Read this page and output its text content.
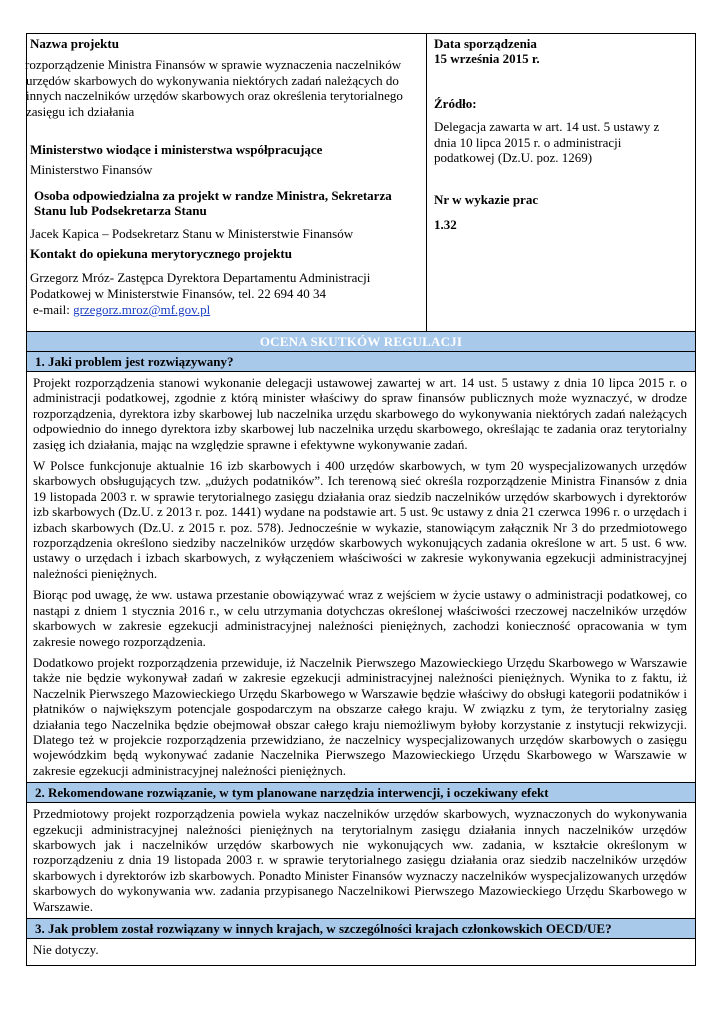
Nazwa projektu
rozporządzenie Ministra Finansów w sprawie wyznaczenia naczelników urzędów skarbowych do wykonywania niektórych zadań należących do innych naczelników urzędów skarbowych oraz określenia terytorialnego zasięgu ich działania
Ministerstwo wiodące i ministerstwa współpracujące
Ministerstwo Finansów
Osoba odpowiedzialna za projekt w randze Ministra, Sekretarza Stanu lub Podsekretarza Stanu
Jacek Kapica – Podsekretarz Stanu w Ministerstwie Finansów
Kontakt do opiekuna merytorycznego projektu
Grzegorz Mróz- Zastępca Dyrektora Departamentu Administracji Podatkowej w Ministerstwie Finansów, tel. 22 694 40 34
e-mail: grzegorz.mroz@mf.gov.pl

Data sporządzenia
15 września 2015 r.
Źródło:
Delegacja zawarta w art. 14 ust. 5 ustawy z dnia 10 lipca 2015 r. o administracji podatkowej (Dz.U. poz. 1269)
Nr w wykazie prac
1.32

OCENA SKUTKÓW REGULACJI

1. Jaki problem jest rozwiązywany?

Projekt rozporządzenia stanowi wykonanie delegacji ustawowej zawartej w art. 14 ust. 5 ustawy z dnia 10 lipca 2015 r. o administracji podatkowej, zgodnie z którą minister właściwy do spraw finansów publicznych może wyznaczyć, w drodze rozporządzenia, dyrektora izby skarbowej lub naczelnika urzędu skarbowego do wykonywania niektórych zadań należących odpowiednio do innego dyrektora izby skarbowej lub naczelnika urzędu skarbowego, określając te zadania oraz terytorialny zasięg ich działania, mając na względzie sprawne i efektywne wykonywanie zadań.

W Polsce funkcjonuje aktualnie 16 izb skarbowych i 400 urzędów skarbowych, w tym 20 wyspecjalizowanych urzędów skarbowych obsługujących tzw. „dużych podatników”. Ich terenową sieć określa rozporządzenie Ministra Finansów z dnia 19 listopada 2003 r. w sprawie terytorialnego zasięgu działania oraz siedzib naczelników urzędów skarbowych i dyrektorów izb skarbowych (Dz.U. z 2013 r. poz. 1441) wydane na podstawie art. 5 ust. 9c ustawy z dnia 21 czerwca 1996 r. o urzędach i izbach skarbowych (Dz.U. z 2015 r. poz. 578). Jednocześnie w wykazie, stanowiącym załącznik Nr 3 do przedmiotowego rozporządzenia określono siedziby naczelników urzędów skarbowych wykonujących zadania określone w art. 5 ust. 6 ww. ustawy o urzędach i izbach skarbowych, z wyłączeniem właściwości w zakresie wykonywania egzekucji administracyjnej należności pieniężnych.

Biorąc pod uwagę, że ww. ustawa przestanie obowiązywać wraz z wejściem w życie ustawy o administracji podatkowej, co nastąpi z dniem 1 stycznia 2016 r., w celu utrzymania dotychczas określonej właściwości rzeczowej naczelników urzędów skarbowych w zakresie egzekucji administracyjnej należności pieniężnych, zachodzi konieczność opracowania w tym zakresie nowego rozporządzenia.

Dodatkowo projekt rozporządzenia przewiduje, iż Naczelnik Pierwszego Mazowieckiego Urzędu Skarbowego w Warszawie także nie będzie wykonywał zadań w zakresie egzekucji administracyjnej należności pieniężnych. Wynika to z faktu, iż Naczelnik Pierwszego Mazowieckiego Urzędu Skarbowego w Warszawie będzie właściwy do obsługi kategorii podatników i płatników o największym potencjale gospodarczym na obszarze całego kraju. W związku z tym, że terytorialny zasięg działania tego Naczelnika będzie obejmował obszar całego kraju niemożliwym byłoby korzystanie z instytucji rekwizycji. Dlatego też w projekcie rozporządzenia przewidziano, że naczelnicy wyspecjalizowanych urzędów skarbowych o zasięgu wojewódzkim będą wykonywać zadanie Naczelnika Pierwszego Mazowieckiego Urzędu Skarbowego w Warszawie w zakresie egzekucji administracyjnej należności pieniężnych.

2. Rekomendowane rozwiązanie, w tym planowane narzędzia interwencji, i oczekiwany efekt

Przedmiotowy projekt rozporządzenia powiela wykaz naczelników urzędów skarbowych, wyznaczonych do wykonywania egzekucji administracyjnej należności pieniężnych na terytorialnym zasięgu działania innych naczelników urzędów skarbowych jak i naczelników urzędów skarbowych nie wykonujących ww. zadania, w kształcie określonym w rozporządzeniu z dnia 19 listopada 2003 r. w sprawie terytorialnego zasięgu działania oraz siedzib naczelników urzędów skarbowych i dyrektorów izb skarbowych. Ponadto Minister Finansów wyznaczy naczelników wyspecjalizowanych urzędów skarbowych do wykonywania ww. zadania przypisanego Naczelnikowi Pierwszego Mazowieckiego Urzędu Skarbowego w Warszawie.

3. Jak problem został rozwiązany w innych krajach, w szczególności krajach członkowskich OECD/UE?

Nie dotyczy.
